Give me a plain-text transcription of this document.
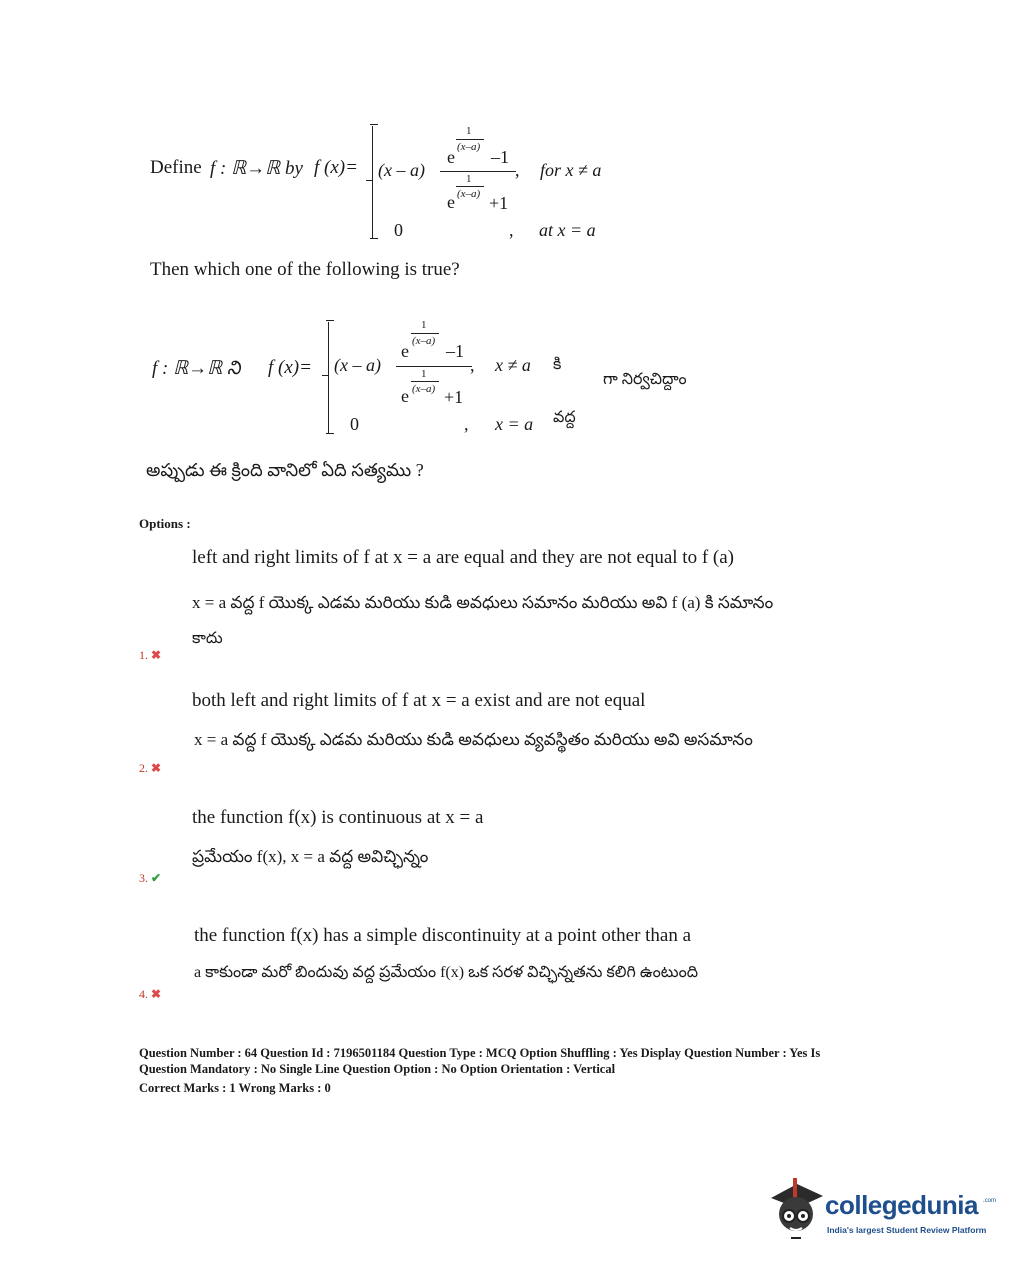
Define f : ℝ→ℝ by f (x)= (x – a)
e
1
(x–a) –1
1
e (x–a) +1
, for x ≠ a
0	, at x = a
Then which one of the following is true?
f : ℝ→ℝ ని f (x)= (x – a)
e
1
(x–a) –1
1
e (x–a) +1
, x ≠ a కి
గా నిర్వచిద్దాం
0	, x = a వద్ద
అప్పుడు ఈ క్రింది వానిలో ఏది సత్యము ?
Options :
left and right limits of f at x = a are equal and they are not equal to f (a)
x = a వద్ద f యొక్క ఎడమ మరియు కుడి అవధులు సమానం మరియు అవి f (a) కి సమానం
కాదు
1. ✖
both left and right limits of f at x = a exist and are not equal
x = a వద్ద f యొక్క ఎడమ మరియు కుడి అవధులు వ్యవస్థితం మరియు అవి అసమానం
2. ✖
the function f(x) is continuous at x = a
ప్రమేయం f(x), x = a వద్ద అవిచ్ఛిన్నం
3. ✔
the function f(x) has a simple discontinuity at a point other than a
a కాకుండా మరో బిందువు వద్ద ప్రమేయం f(x) ఒక సరళ విచ్ఛిన్నతను కలిగి ఉంటుంది
4. ✖
Question Number : 64 Question Id : 7196501184 Question Type : MCQ Option Shuffling : Yes Display Question Number : Yes Is
Question Mandatory : No Single Line Question Option : No Option Orientation : Vertical
Correct Marks : 1 Wrong Marks : 0
collegedunia .com
India's largest Student Review Platform
